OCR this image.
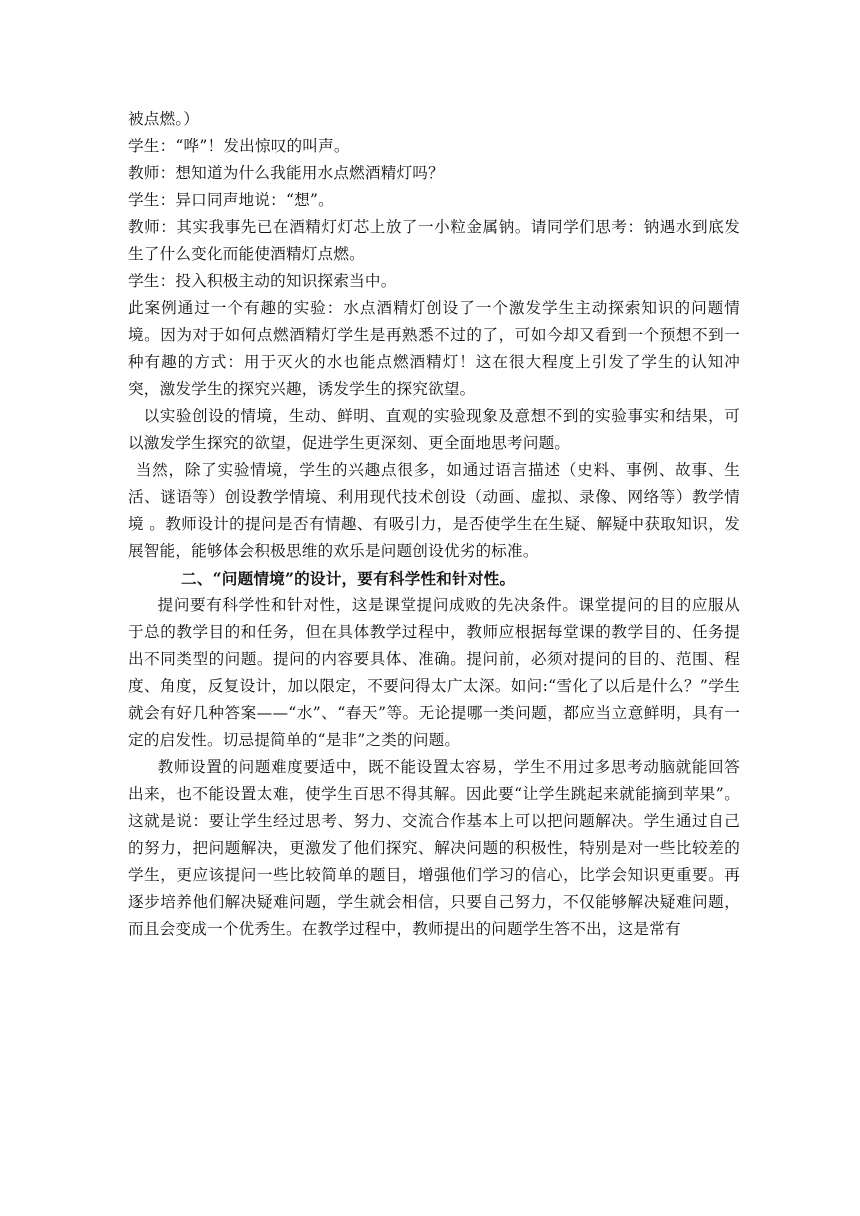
被点燃。）

学生：“哗”！发出惊叹的叫声。

教师：想知道为什么我能用水点燃酒精灯吗？

学生：异口同声地说：“想”。

教师：其实我事先已在酒精灯灯芯上放了一小粒金属钠。请同学们思考：钠遇水到底发生了什么变化而能使酒精灯点燃。

学生：投入积极主动的知识探索当中。

此案例通过一个有趣的实验：水点酒精灯创设了一个激发学生主动探索知识的问题情境。因为对于如何点燃酒精灯学生是再熟悉不过的了，可如今却又看到一个预想不到一种有趣的方式：用于灭火的水也能点燃酒精灯！这在很大程度上引发了学生的认知冲突，激发学生的探究兴趣，诱发学生的探究欲望。

以实验创设的情境，生动、鲜明、直观的实验现象及意想不到的实验事实和结果，可以激发学生探究的欲望，促进学生更深刻、更全面地思考问题。

当然，除了实验情境，学生的兴趣点很多，如通过语言描述（史料、事例、故事、生活、谜语等）创设教学情境、利用现代技术创设（动画、虚拟、录像、网络等）教学情境 。教师设计的提问是否有情趣、有吸引力，是否使学生在生疑、解疑中获取知识，发展智能，能够体会积极思维的欢乐是问题创设优劣的标准。

二、“问题情境”的设计，要有科学性和针对性。

提问要有科学性和针对性，这是课堂提问成败的先决条件。课堂提问的目的应服从于总的教学目的和任务，但在具体教学过程中，教师应根据每堂课的教学目的、任务提出不同类型的问题。提问的内容要具体、准确。提问前，必须对提问的目的、范围、程度、角度，反复设计，加以限定，不要问得太广太深。如问:“雪化了以后是什么？”学生就会有好几种答案——“水”、“春天”等。无论提哪一类问题，都应当立意鲜明，具有一定的启发性。切忌提简单的“是非”之类的问题。

教师设置的问题难度要适中，既不能设置太容易，学生不用过多思考动脑就能回答出来，也不能设置太难，使学生百思不得其解。因此要“让学生跳起来就能摘到苹果”。这就是说：要让学生经过思考、努力、交流合作基本上可以把问题解决。学生通过自己的努力，把问题解决，更激发了他们探究、解决问题的积极性，特别是对一些比较差的学生，更应该提问一些比较简单的题目，增强他们学习的信心，比学会知识更重要。再逐步培养他们解决疑难问题，学生就会相信，只要自己努力，不仅能够解决疑难问题，而且会变成一个优秀生。在教学过程中，教师提出的问题学生答不出，这是常有
